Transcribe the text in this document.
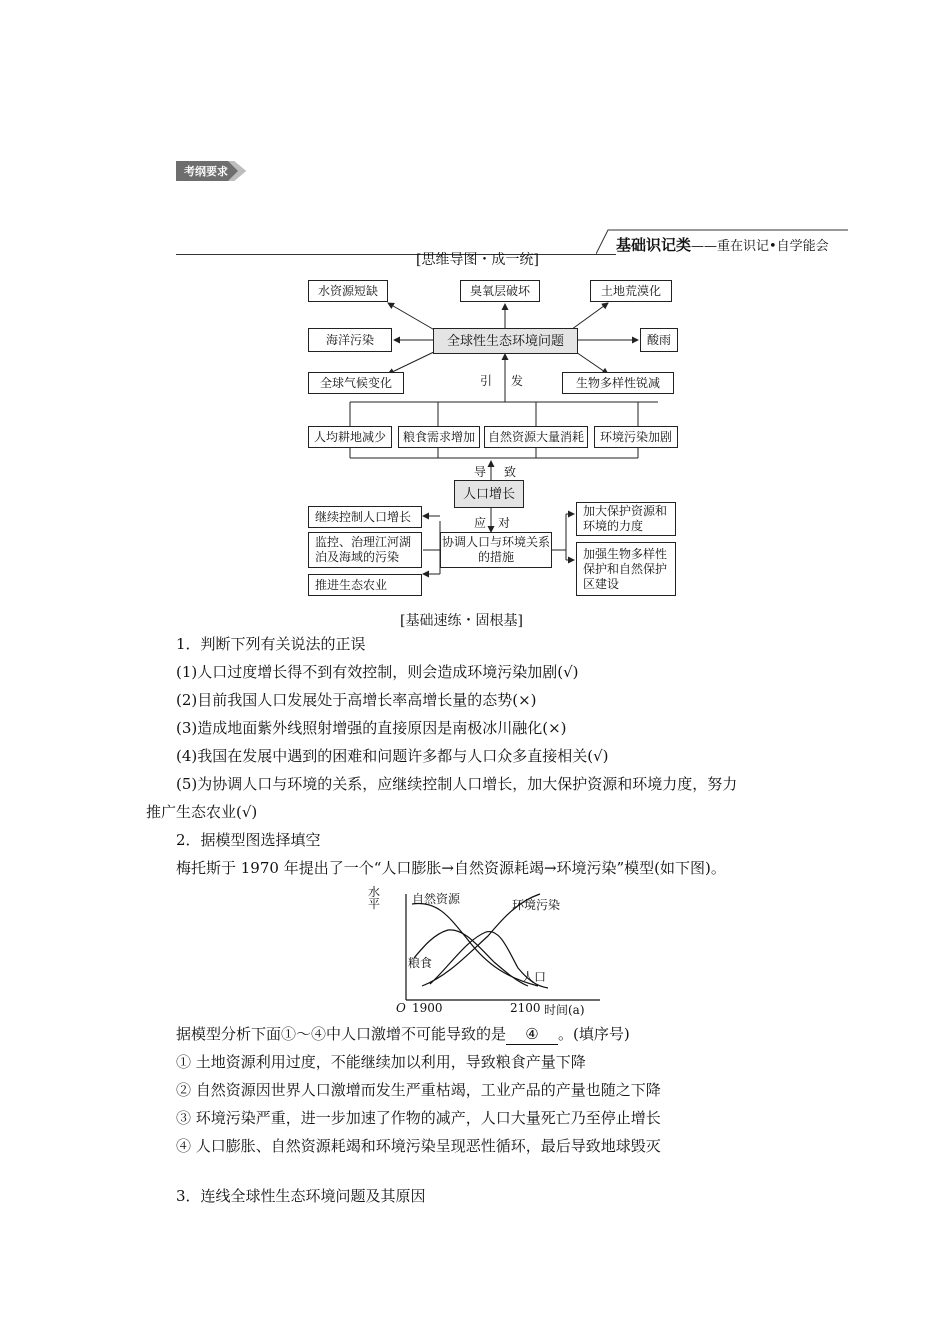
考纲要求
基础识记类——重在识记•自学能会
[思维导图・成一统]
水资源短缺	臭氧层破坏	土地荒漠化
海洋污染	全球性生态环境问题	酸雨
全球气候变化	生物多样性锐减
引 发
人均耕地减少	粮食需求增加	自然资源大量消耗	环境污染加剧
导 致
人口增长
应 对
协调人口与环境关系的措施
继续控制人口增长
监控、治理江河湖泊及海域的污染
推进生态农业
加大保护资源和环境的力度
加强生物多样性保护和自然保护区建设
[基础速练・固根基]
1．判断下列有关说法的正误
(1)人口过度增长得不到有效控制，则会造成环境污染加剧(√)
(2)目前我国人口发展处于高增长率高增长量的态势(×)
(3)造成地面紫外线照射增强的直接原因是南极冰川融化(×)
(4)我国在发展中遇到的困难和问题许多都与人口众多直接相关(√)
(5)为协调人口与环境的关系，应继续控制人口增长，加大保护资源和环境力度，努力
推广生态农业(√)
2．据模型图选择填空
梅托斯于 1970 年提出了一个“人口膨胀→自然资源耗竭→环境污染”模型(如下图)。
水平	自然资源	环境污染
粮食
人口
O 1900	2100 时间(a)
据模型分析下面①～④中人口激增不可能导致的是 ④ 。(填序号)
① 土地资源利用过度，不能继续加以利用，导致粮食产量下降
② 自然资源因世界人口激增而发生严重枯竭，工业产品的产量也随之下降
③ 环境污染严重，进一步加速了作物的减产，人口大量死亡乃至停止增长
④ 人口膨胀、自然资源耗竭和环境污染呈现恶性循环，最后导致地球毁灭
3．连线全球性生态环境问题及其原因
